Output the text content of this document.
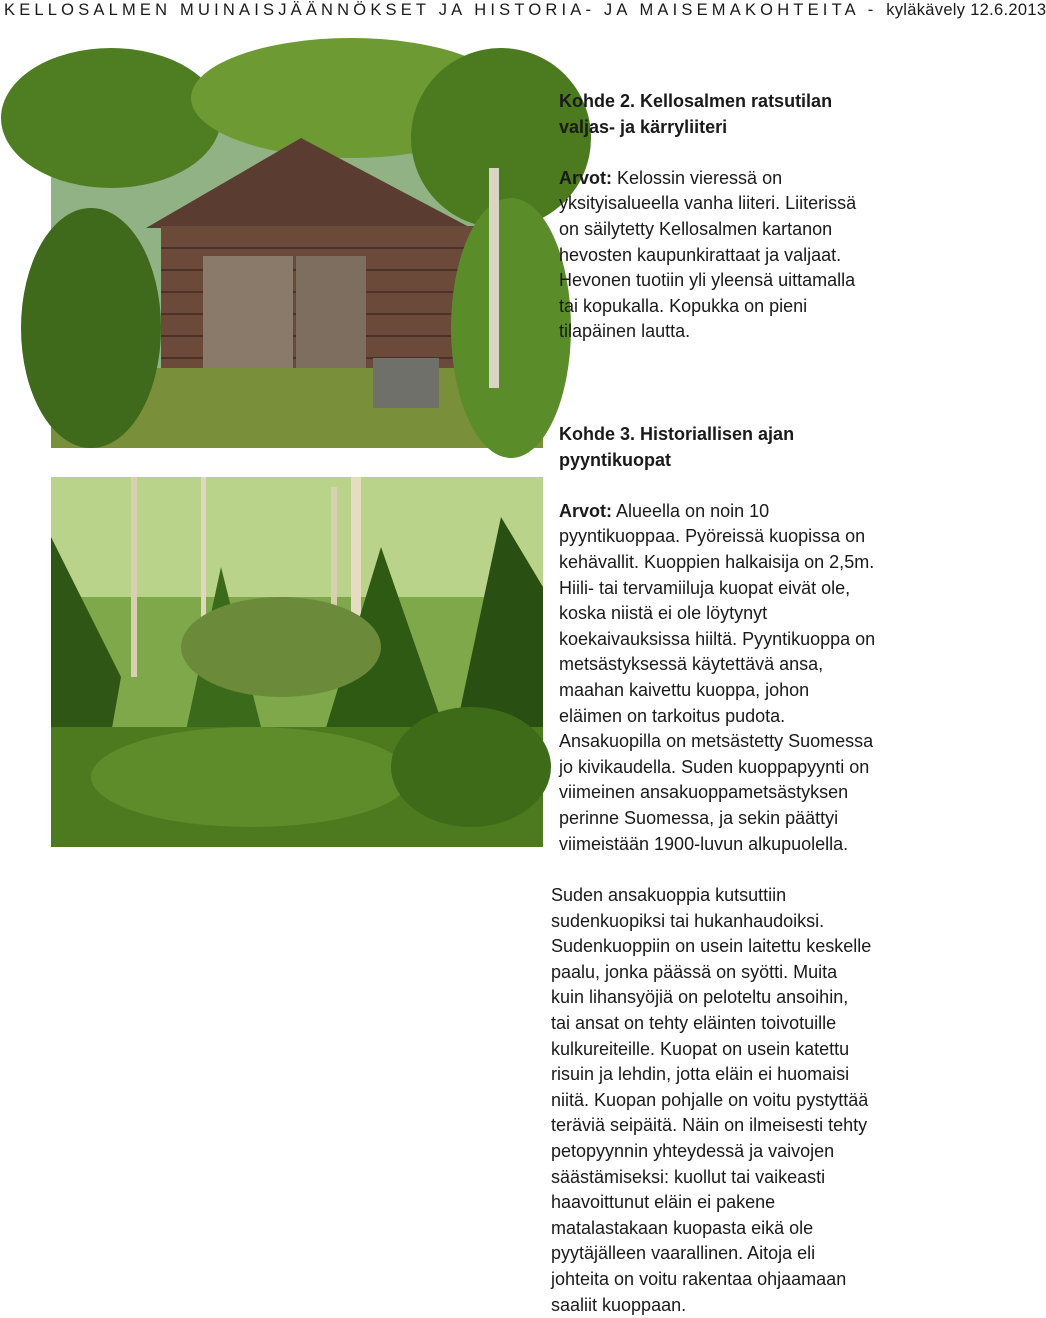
KELLOSALMEN MUINAISJÄÄNNÖKSET JA HISTORIA- JA MAISEMAKOHTEITA - kyläkävely 12.6.2013

Kohde 2. Kellosalmen ratsutilan

valjas- ja kärryliiteri

Arvot: Kelossin vieressä on

yksityisalueella vanha liiteri. Liiterissä

on säilytetty Kellosalmen kartanon

hevosten kaupunkirattaat ja valjaat.

Hevonen tuotiin yli yleensä uittamalla

tai kopukalla. Kopukka on pieni

tilapäinen lautta.

Kohde 3. Historiallisen ajan

pyyntikuopat

Arvot: Alueella on noin 10

pyyntikuoppaa. Pyöreissä kuopissa on

kehävallit. Kuoppien halkaisija on 2,5m.

Hiili- tai tervamiiluja kuopat eivät ole,

koska niistä ei ole löytynyt

koekaivauksissa hiiltä. Pyyntikuoppa on

metsästyksessä käytettävä ansa,

maahan kaivettu kuoppa, johon

eläimen on tarkoitus pudota.

Ansakuopilla on metsästetty Suomessa

jo kivikaudella. Suden kuoppapyynti on

viimeinen ansakuoppametsästyksen

perinne Suomessa, ja sekin päättyi

viimeistään 1900-luvun alkupuolella.

Suden ansakuoppia kutsuttiin

sudenkuopiksi tai hukanhaudoiksi.

Sudenkuoppiin on usein laitettu keskelle

paalu, jonka päässä on syötti. Muita

kuin lihansyöjiä on peloteltu ansoihin,

tai ansat on tehty eläinten toivotuille

kulkureiteille. Kuopat on usein katettu

risuin ja lehdin, jotta eläin ei huomaisi

niitä. Kuopan pohjalle on voitu pystyttää

teräviä seipäitä. Näin on ilmeisesti tehty

petopyynnin yhteydessä ja vaivojen

säästämiseksi: kuollut tai vaikeasti

haavoittunut eläin ei pakene

matalastakaan kuopasta eikä ole

pyytäjälleen vaarallinen. Aitoja eli

johteita on voitu rakentaa ohjaamaan

saaliit kuoppaan.
